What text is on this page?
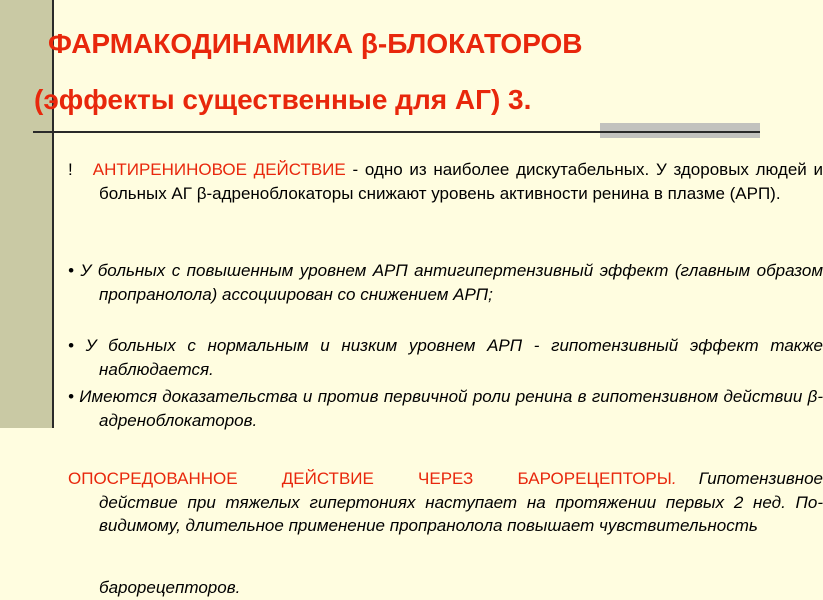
ФАРМАКОДИНАМИКА β-БЛОКАТОРОВ
(эффекты существенные для АГ) 3.
! АНТИРЕНИНОВОЕ ДЕЙСТВИЕ - одно из наиболее дискутабельных. У здоровых людей и больных АГ β-адреноблокаторы снижают уровень активности ренина в плазме (АРП).
• У больных с повышенным уровнем АРП антигипертензивный эффект (главным образом пропранолола) ассоциирован со снижением АРП;
• У больных с нормальным и низким уровнем АРП - гипотензивный эффект также наблюдается.
• Имеются доказательства и против первичной роли ренина в гипотензивном действии β-адреноблокаторов.
ОПОСРЕДОВАННОЕ ДЕЙСТВИЕ ЧЕРЕЗ БАРОРЕЦЕПТОРЫ. Гипотензивное действие при тяжелых гипертониях наступает на протяжении первых 2 нед. По-видимому, длительное применение пропранолола повышает чувствительность
барорецепторов.
